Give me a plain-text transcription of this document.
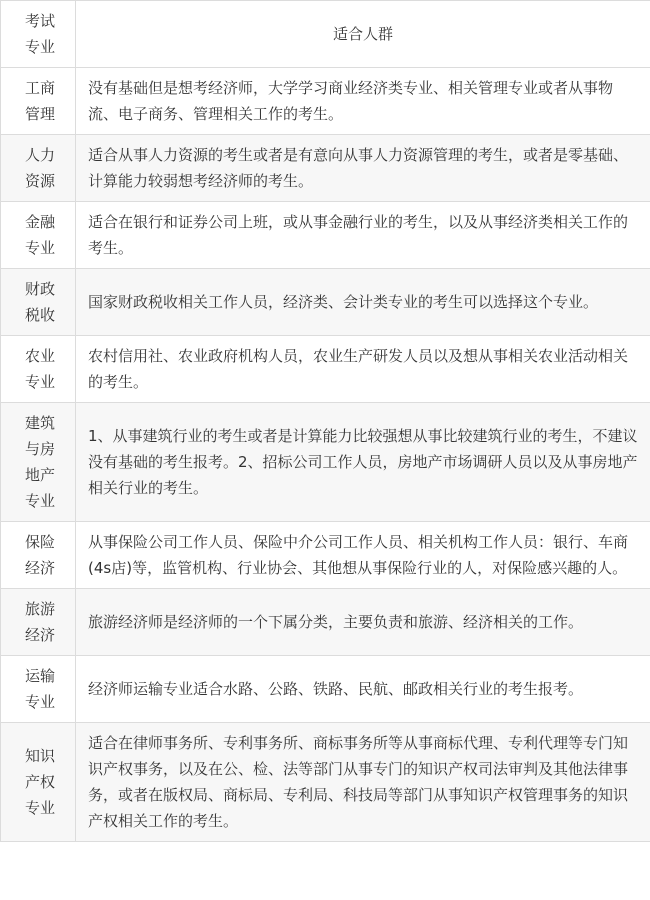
考试专业	适合人群
工商管理	没有基础但是想考经济师，大学学习商业经济类专业、相关管理专业或者从事物流、电子商务、管理相关工作的考生。
人力资源	适合从事人力资源的考生或者是有意向从事人力资源管理的考生，或者是零基础、计算能力较弱想考经济师的考生。
金融专业	适合在银行和证券公司上班，或从事金融行业的考生，以及从事经济类相关工作的考生。
财政税收	国家财政税收相关工作人员，经济类、会计类专业的考生可以选择这个专业。
农业专业	农村信用社、农业政府机构人员，农业生产研发人员以及想从事相关农业活动相关的考生。
建筑与房地产专业	1、从事建筑行业的考生或者是计算能力比较强想从事比较建筑行业的考生，不建议没有基础的考生报考。2、招标公司工作人员，房地产市场调研人员以及从事房地产相关行业的考生。
保险经济	从事保险公司工作人员、保险中介公司工作人员、相关机构工作人员：银行、车商(4s店)等，监管机构、行业协会、其他想从事保险行业的人，对保险感兴趣的人。
旅游经济	旅游经济师是经济师的一个下属分类，主要负责和旅游、经济相关的工作。
运输专业	经济师运输专业适合水路、公路、铁路、民航、邮政相关行业的考生报考。
知识产权专业	适合在律师事务所、专利事务所、商标事务所等从事商标代理、专利代理等专门知识产权事务，以及在公、检、法等部门从事专门的知识产权司法审判及其他法律事务，或者在版权局、商标局、专利局、科技局等部门从事知识产权管理事务的知识产权相关工作的考生。
